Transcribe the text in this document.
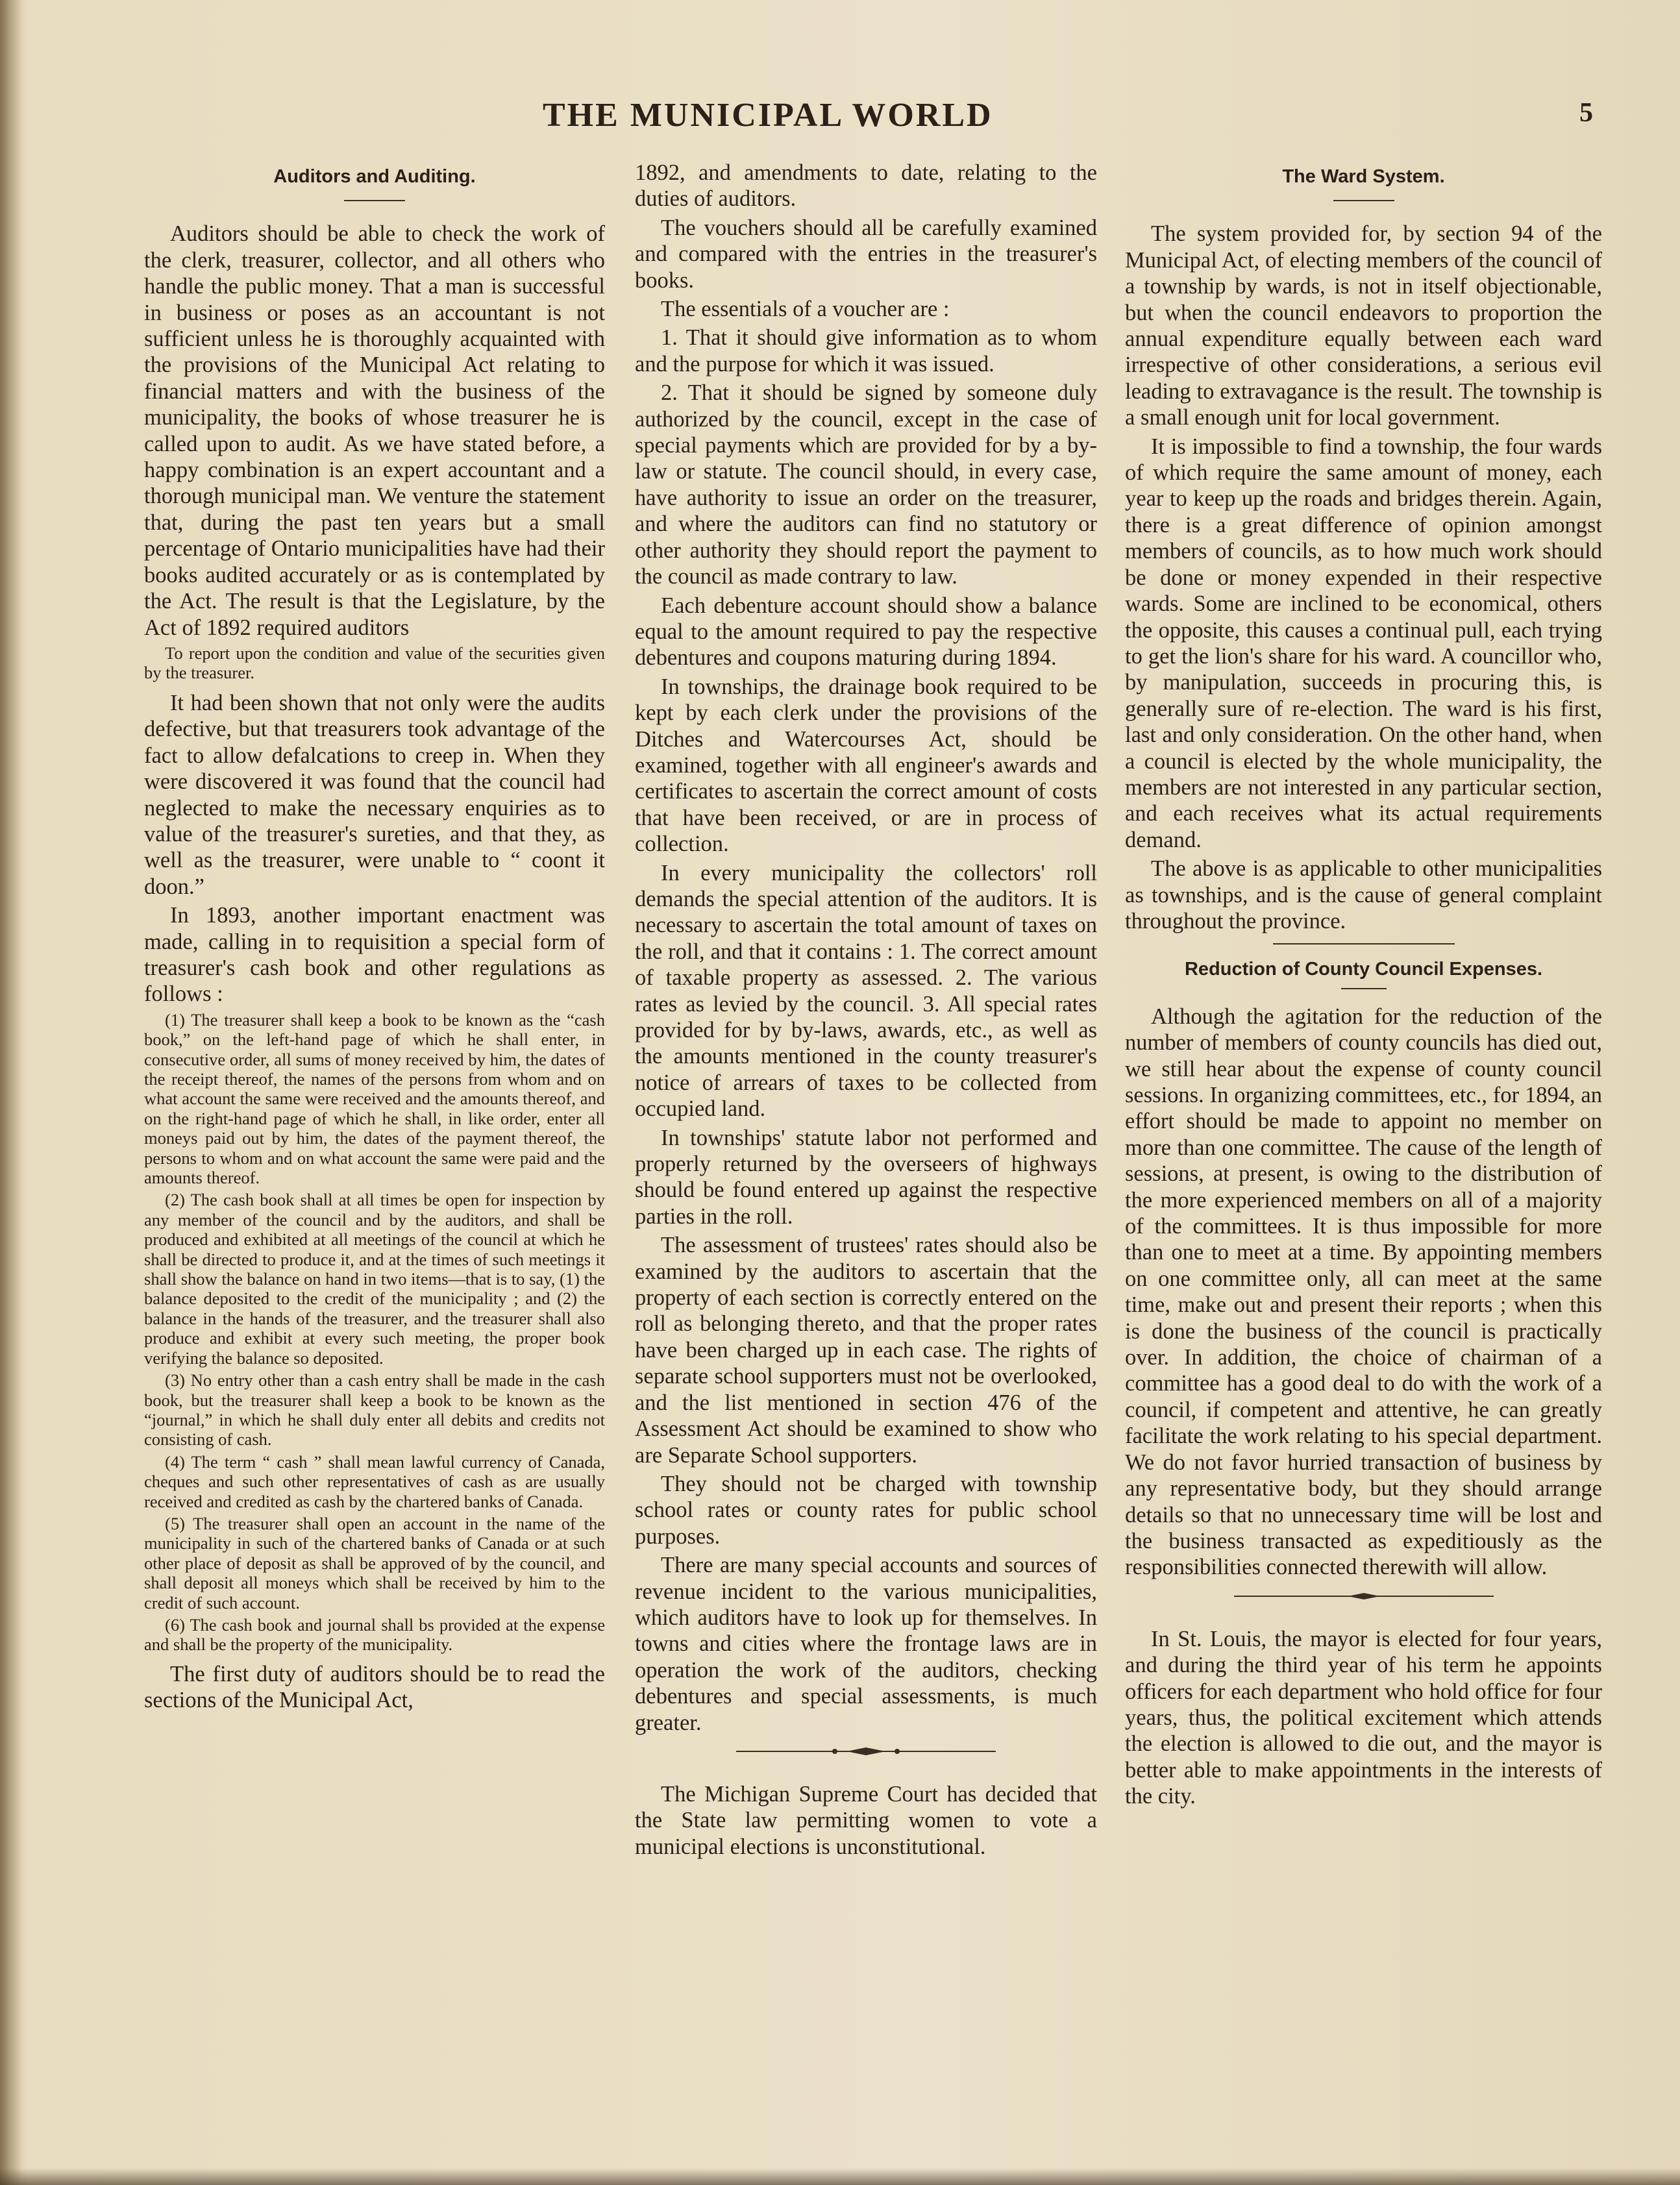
THE MUNICIPAL WORLD	5
Auditors and Auditing.

Auditors should be able to check the work of the clerk, treasurer, collector, and all others who handle the public money. That a man is successful in business or poses as an accountant is not sufficient unless he is thoroughly acquainted with the provisions of the Municipal Act relating to financial matters and with the business of the municipality, the books of whose treasurer he is called upon to audit. As we have stated before, a happy combination is an expert accountant and a thorough municipal man. We venture the statement that, during the past ten years but a small percentage of Ontario municipalities have had their books audited accurately or as is contemplated by the Act. The result is that the Legislature, by the Act of 1892 required auditors

To report upon the condition and value of the securities given by the treasurer.

It had been shown that not only were the audits defective, but that treasurers took advantage of the fact to allow defalcations to creep in. When they were discovered it was found that the council had neglected to make the necessary enquiries as to value of the treasurer's sureties, and that they, as well as the treasurer, were unable to “ coont it doon.”

In 1893, another important enactment was made, calling in to requisition a special form of treasurer's cash book and other regulations as follows :

(1) The treasurer shall keep a book to be known as the “cash book,” on the left-hand page of which he shall enter, in consecutive order, all sums of money received by him, the dates of the receipt thereof, the names of the persons from whom and on what account the same were received and the amounts thereof, and on the right-hand page of which he shall, in like order, enter all moneys paid out by him, the dates of the payment thereof, the persons to whom and on what account the same were paid and the amounts thereof.

(2) The cash book shall at all times be open for inspection by any member of the council and by the auditors, and shall be produced and exhibited at all meetings of the council at which he shall be directed to produce it, and at the times of such meetings it shall show the balance on hand in two items—that is to say, (1) the balance deposited to the credit of the municipality ; and (2) the balance in the hands of the treasurer, and the treasurer shall also produce and exhibit at every such meeting, the proper book verifying the balance so deposited.

(3) No entry other than a cash entry shall be made in the cash book, but the treasurer shall keep a book to be known as the “journal,” in which he shall duly enter all debits and credits not consisting of cash.

(4) The term “ cash ” shall mean lawful currency of Canada, cheques and such other representatives of cash as are usually received and credited as cash by the chartered banks of Canada.

(5) The treasurer shall open an account in the name of the municipality in such of the chartered banks of Canada or at such other place of deposit as shall be approved of by the council, and shall deposit all moneys which shall be received by him to the credit of such account.

(6) The cash book and journal shall bs provided at the expense and shall be the property of the municipality.

The first duty of auditors should be to read the sections of the Municipal Act,

1892, and amendments to date, relating to the duties of auditors.

The vouchers should all be carefully examined and compared with the entries in the treasurer's books.

The essentials of a voucher are :

1. That it should give information as to whom and the purpose for which it was issued.

2. That it should be signed by someone duly authorized by the council, except in the case of special payments which are provided for by a by-law or statute. The council should, in every case, have authority to issue an order on the treasurer, and where the auditors can find no statutory or other authority they should report the payment to the council as made contrary to law.

Each debenture account should show a balance equal to the amount required to pay the respective debentures and coupons maturing during 1894.

In townships, the drainage book required to be kept by each clerk under the provisions of the Ditches and Watercourses Act, should be examined, together with all engineer's awards and certificates to ascertain the correct amount of costs that have been received, or are in process of collection.

In every municipality the collectors' roll demands the special attention of the auditors. It is necessary to ascertain the total amount of taxes on the roll, and that it contains : 1. The correct amount of taxable property as assessed. 2. The various rates as levied by the council. 3. All special rates provided for by by-laws, awards, etc., as well as the amounts mentioned in the county treasurer's notice of arrears of taxes to be collected from occupied land.

In townships' statute labor not performed and properly returned by the overseers of highways should be found entered up against the respective parties in the roll.

The assessment of trustees' rates should also be examined by the auditors to ascertain that the property of each section is correctly entered on the roll as belonging thereto, and that the proper rates have been charged up in each case. The rights of separate school supporters must not be overlooked, and the list mentioned in section 476 of the Assessment Act should be examined to show who are Separate School supporters.

They should not be charged with township school rates or county rates for public school purposes.

There are many special accounts and sources of revenue incident to the various municipalities, which auditors have to look up for themselves. In towns and cities where the frontage laws are in operation the work of the auditors, checking debentures and special assessments, is much greater.

The Michigan Supreme Court has decided that the State law permitting women to vote a municipal elections is unconstitutional.

The Ward System.

The system provided for, by section 94 of the Municipal Act, of electing members of the council of a township by wards, is not in itself objectionable, but when the council endeavors to proportion the annual expenditure equally between each ward irrespective of other considerations, a serious evil leading to extravagance is the result. The township is a small enough unit for local government.

It is impossible to find a township, the four wards of which require the same amount of money, each year to keep up the roads and bridges therein. Again, there is a great difference of opinion amongst members of councils, as to how much work should be done or money expended in their respective wards. Some are inclined to be economical, others the opposite, this causes a continual pull, each trying to get the lion's share for his ward. A councillor who, by manipulation, succeeds in procuring this, is generally sure of re-election. The ward is his first, last and only consideration. On the other hand, when a council is elected by the whole municipality, the members are not interested in any particular section, and each receives what its actual requirements demand.

The above is as applicable to other municipalities as townships, and is the cause of general complaint throughout the province.

Reduction of County Council Expenses.

Although the agitation for the reduction of the number of members of county councils has died out, we still hear about the expense of county council sessions. In organizing committees, etc., for 1894, an effort should be made to appoint no member on more than one committee. The cause of the length of sessions, at present, is owing to the distribution of the more experienced members on all of a majority of the committees. It is thus impossible for more than one to meet at a time. By appointing members on one committee only, all can meet at the same time, make out and present their reports ; when this is done the business of the council is practically over. In addition, the choice of chairman of a committee has a good deal to do with the work of a council, if competent and attentive, he can greatly facilitate the work relating to his special department. We do not favor hurried transaction of business by any representative body, but they should arrange details so that no unnecessary time will be lost and the business transacted as expeditiously as the responsibilities connected therewith will allow.

In St. Louis, the mayor is elected for four years, and during the third year of his term he appoints officers for each department who hold office for four years, thus, the political excitement which attends the election is allowed to die out, and the mayor is better able to make appointments in the interests of the city.
